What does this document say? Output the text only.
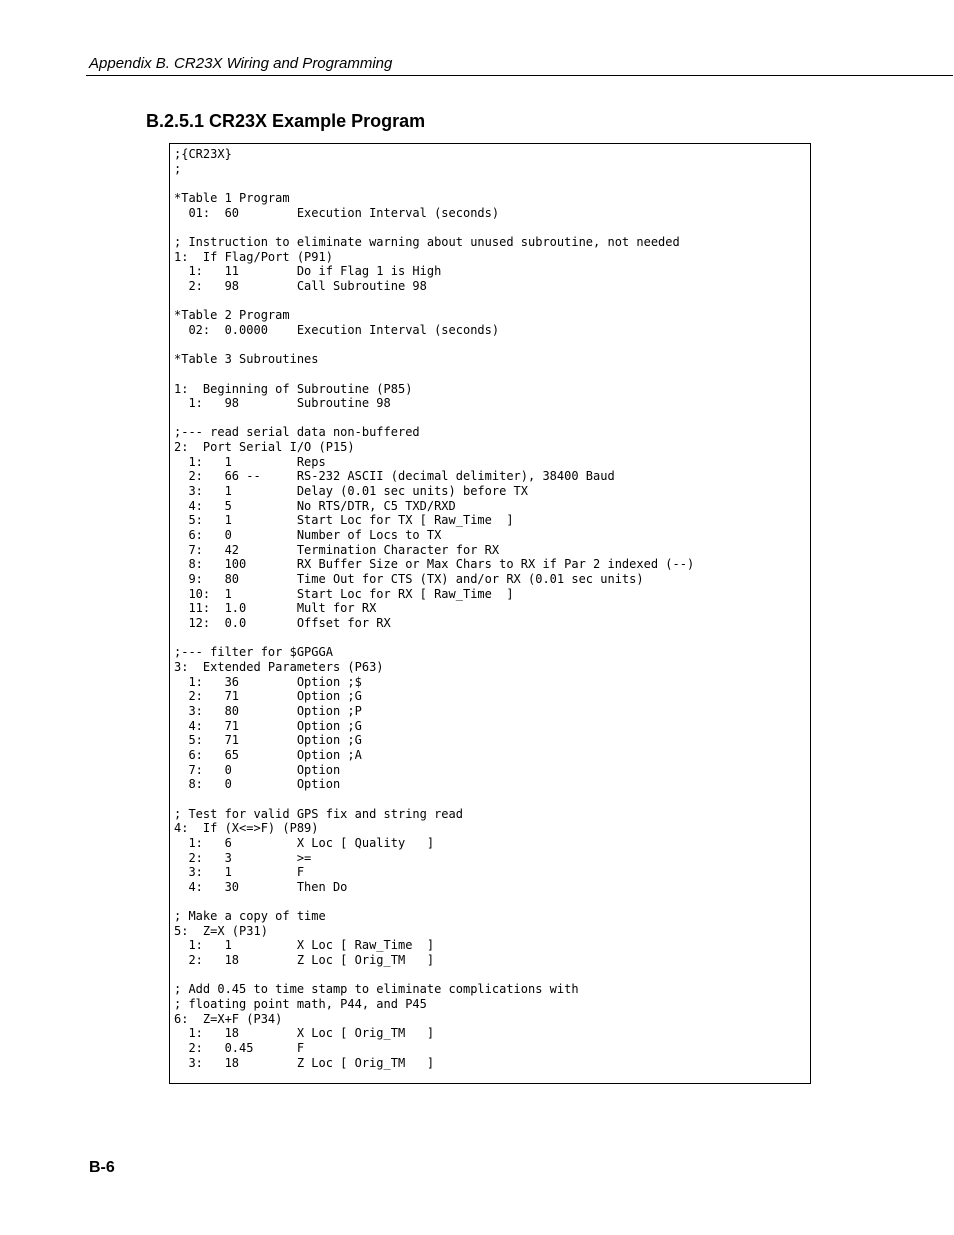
Appendix B. CR23X Wiring and Programming
B.2.5.1 CR23X Example Program
;{CR23X}
;

*Table 1 Program
01:  60        Execution Interval (seconds)

; Instruction to eliminate warning about unused subroutine, not needed
1:  If Flag/Port (P91)
1:   11        Do if Flag 1 is High
2:   98        Call Subroutine 98

*Table 2 Program
02:  0.0000    Execution Interval (seconds)

*Table 3 Subroutines

1:  Beginning of Subroutine (P85)
1:   98        Subroutine 98

;--- read serial data non-buffered
2:  Port Serial I/O (P15)
1:   1         Reps
2:   66 --     RS-232 ASCII (decimal delimiter), 38400 Baud
3:   1         Delay (0.01 sec units) before TX
4:   5         No RTS/DTR, C5 TXD/RXD
5:   1         Start Loc for TX [ Raw_Time  ]
6:   0         Number of Locs to TX
7:   42        Termination Character for RX
8:   100       RX Buffer Size or Max Chars to RX if Par 2 indexed (--)
9:   80        Time Out for CTS (TX) and/or RX (0.01 sec units)
10:  1         Start Loc for RX [ Raw_Time  ]
11:  1.0       Mult for RX
12:  0.0       Offset for RX

;--- filter for $GPGGA
3:  Extended Parameters (P63)
1:   36        Option ;$
2:   71        Option ;G
3:   80        Option ;P
4:   71        Option ;G
5:   71        Option ;G
6:   65        Option ;A
7:   0         Option
8:   0         Option

; Test for valid GPS fix and string read
4:  If (X<=>F) (P89)
1:   6         X Loc [ Quality   ]
2:   3         >=
3:   1         F
4:   30        Then Do

; Make a copy of time
5:  Z=X (P31)
1:   1         X Loc [ Raw_Time  ]
2:   18        Z Loc [ Orig_TM   ]

; Add 0.45 to time stamp to eliminate complications with
; floating point math, P44, and P45
6:  Z=X+F (P34)
1:   18        X Loc [ Orig_TM   ]
2:   0.45      F
3:   18        Z Loc [ Orig_TM   ]
B-6
